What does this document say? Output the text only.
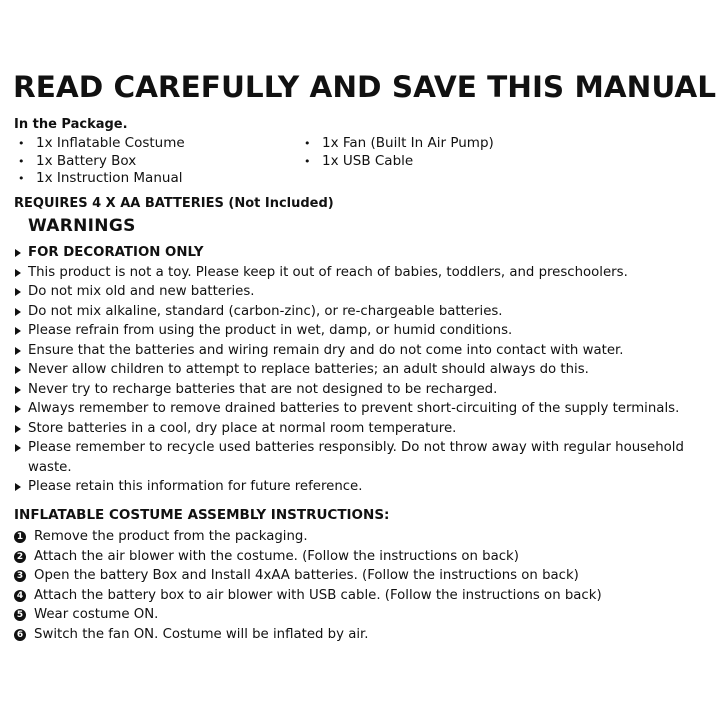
READ CAREFULLY AND SAVE THIS MANUAL
In the Package.
• 1x Inflatable Costume
• 1x Battery Box
• 1x Instruction Manual
• 1x Fan (Built In Air Pump)
• 1x USB Cable
REQUIRES 4 X AA BATTERIES (Not Included)
WARNINGS
FOR DECORATION ONLY
This product is not a toy. Please keep it out of reach of babies, toddlers, and preschoolers.
Do not mix old and new batteries.
Do not mix alkaline, standard (carbon-zinc), or re-chargeable batteries.
Please refrain from using the product in wet, damp, or humid conditions.
Ensure that the batteries and wiring remain dry and do not come into contact with water.
Never allow children to attempt to replace batteries; an adult should always do this.
Never try to recharge batteries that are not designed to be recharged.
Always remember to remove drained batteries to prevent short-circuiting of the supply terminals.
Store batteries in a cool, dry place at normal room temperature.
Please remember to recycle used batteries responsibly. Do not throw away with regular household waste.
Please retain this information for future reference.
INFLATABLE COSTUME ASSEMBLY INSTRUCTIONS:
1 Remove the product from the packaging.
2 Attach the air blower with the costume. (Follow the instructions on back)
3 Open the battery Box and Install 4xAA batteries. (Follow the instructions on back)
4 Attach the battery box to air blower with USB cable. (Follow the instructions on back)
5 Wear costume ON.
6 Switch the fan ON. Costume will be inflated by air.
